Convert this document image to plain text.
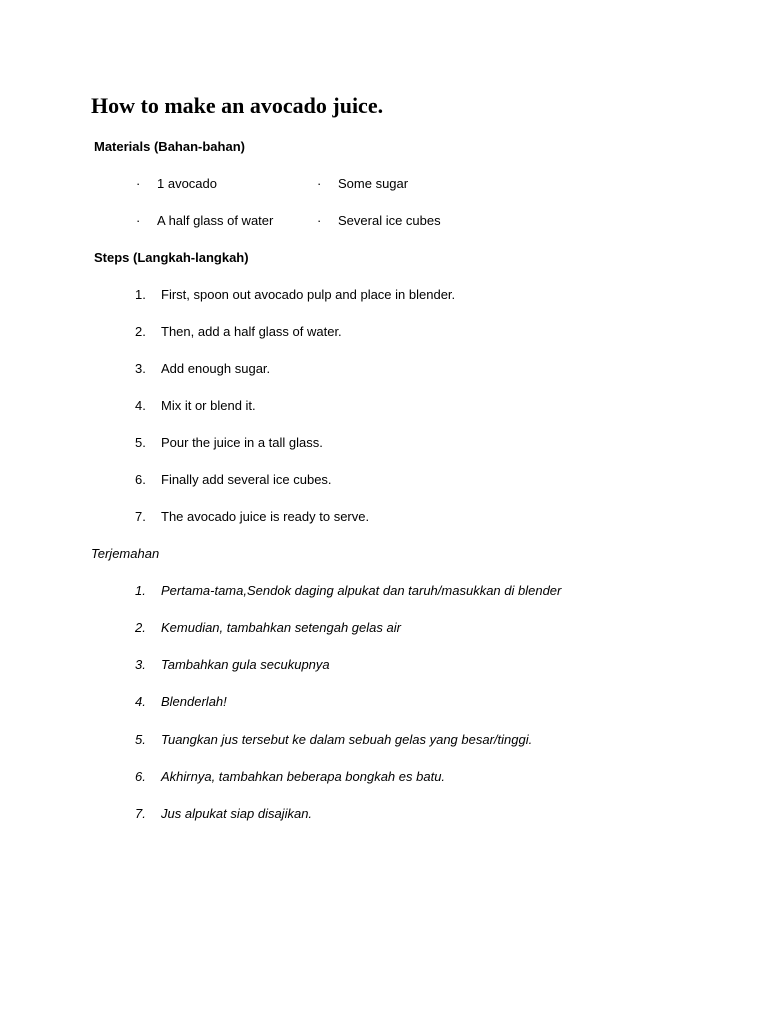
How to make an avocado juice.
Materials (Bahan-bahan)
· 1 avocado	· Some sugar
· A half glass of water	· Several ice cubes
Steps (Langkah-langkah)
1. First, spoon out avocado pulp and place in blender.
2. Then, add a half glass of water.
3. Add enough sugar.
4. Mix it or blend it.
5. Pour the juice in a tall glass.
6. Finally add several ice cubes.
7. The avocado juice is ready to serve.
Terjemahan
1. Pertama-tama,Sendok daging alpukat dan taruh/masukkan di blender
2. Kemudian, tambahkan setengah gelas air
3. Tambahkan gula secukupnya
4. Blenderlah!
5. Tuangkan jus tersebut ke dalam sebuah gelas yang besar/tinggi.
6. Akhirnya, tambahkan beberapa bongkah es batu.
7. Jus alpukat siap disajikan.
